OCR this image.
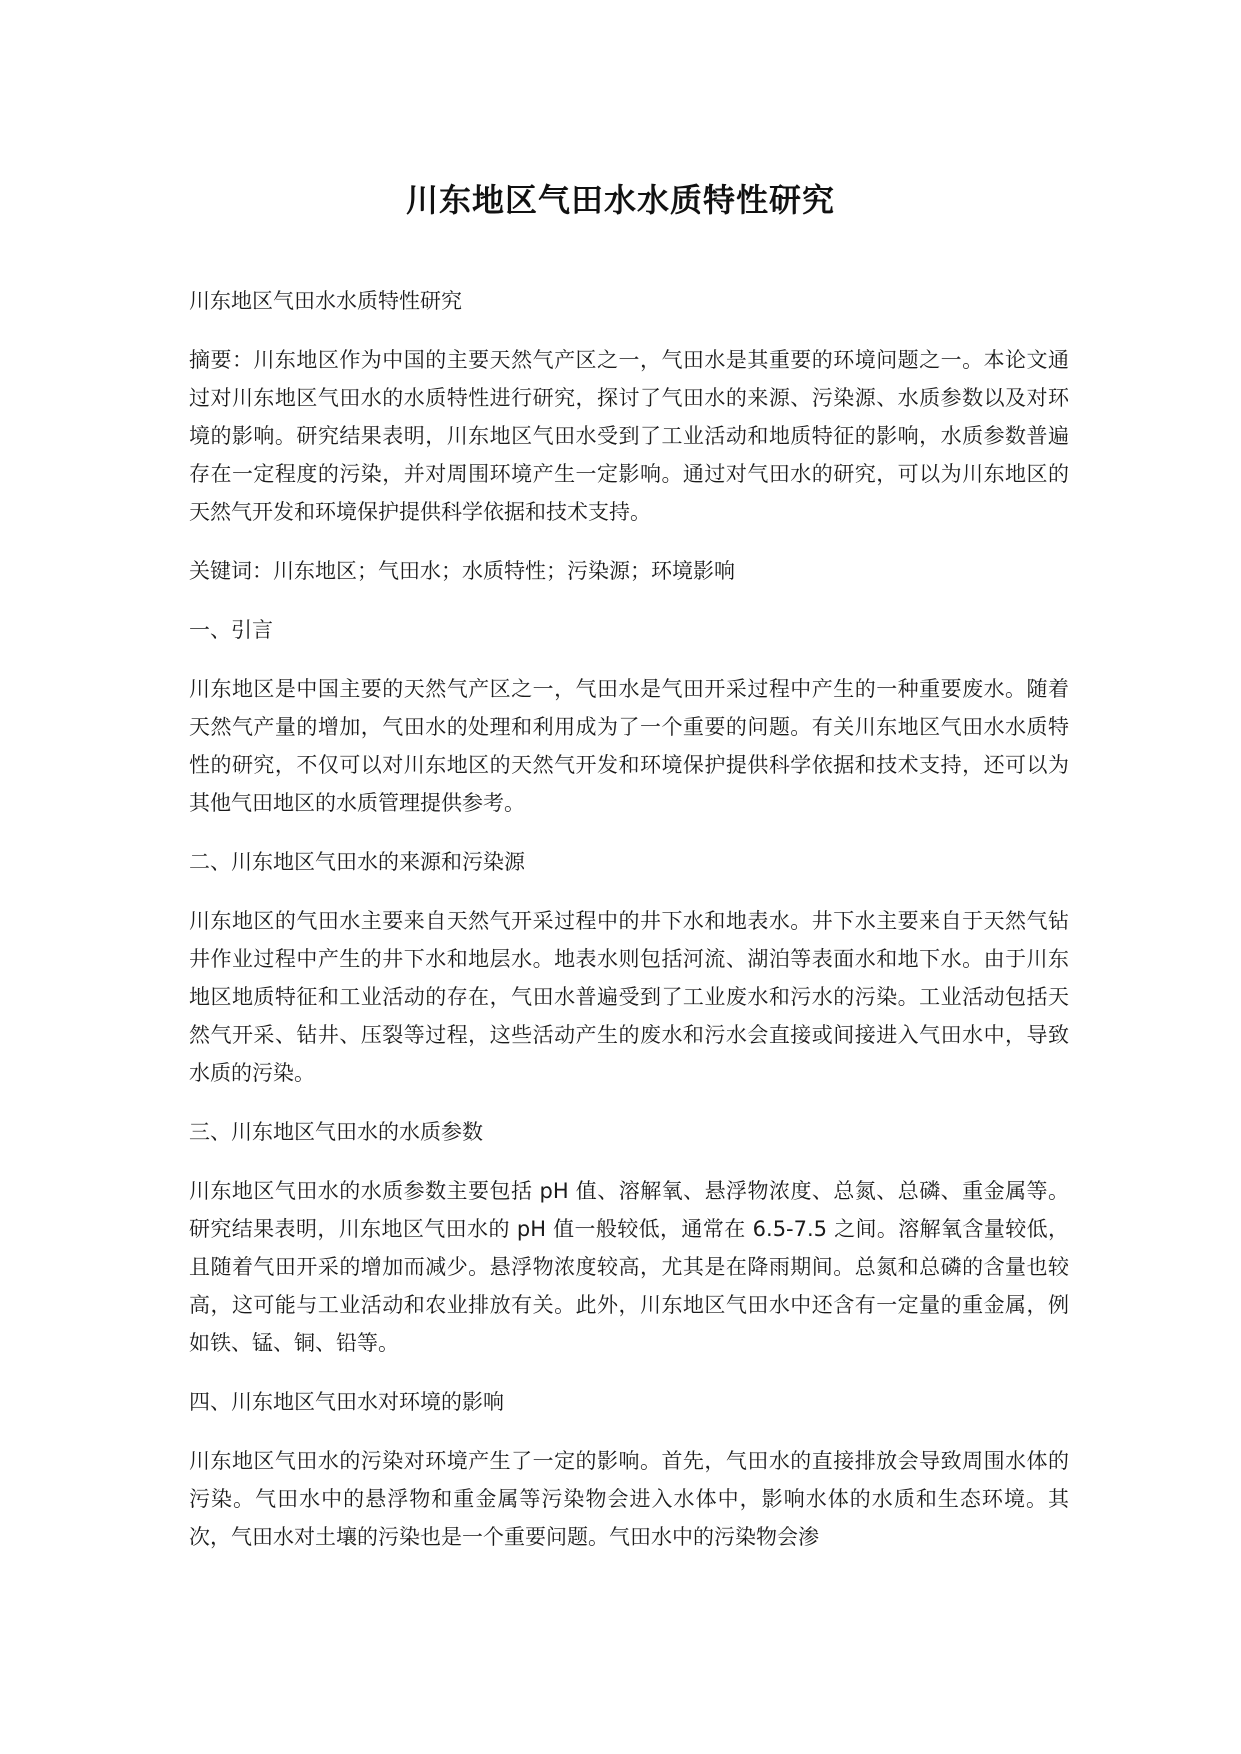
川东地区气田水水质特性研究

川东地区气田水水质特性研究

摘要：川东地区作为中国的主要天然气产区之一，气田水是其重要的环境问题之一。本论文通过对川东地区气田水的水质特性进行研究，探讨了气田水的来源、污染源、水质参数以及对环境的影响。研究结果表明，川东地区气田水受到了工业活动和地质特征的影响，水质参数普遍存在一定程度的污染，并对周围环境产生一定影响。通过对气田水的研究，可以为川东地区的天然气开发和环境保护提供科学依据和技术支持。

关键词：川东地区；气田水；水质特性；污染源；环境影响

一、引言

川东地区是中国主要的天然气产区之一，气田水是气田开采过程中产生的一种重要废水。随着天然气产量的增加，气田水的处理和利用成为了一个重要的问题。有关川东地区气田水水质特性的研究，不仅可以对川东地区的天然气开发和环境保护提供科学依据和技术支持，还可以为其他气田地区的水质管理提供参考。

二、川东地区气田水的来源和污染源

川东地区的气田水主要来自天然气开采过程中的井下水和地表水。井下水主要来自于天然气钻井作业过程中产生的井下水和地层水。地表水则包括河流、湖泊等表面水和地下水。由于川东地区地质特征和工业活动的存在，气田水普遍受到了工业废水和污水的污染。工业活动包括天然气开采、钻井、压裂等过程，这些活动产生的废水和污水会直接或间接进入气田水中，导致水质的污染。

三、川东地区气田水的水质参数

川东地区气田水的水质参数主要包括 pH 值、溶解氧、悬浮物浓度、总氮、总磷、重金属等。研究结果表明，川东地区气田水的 pH 值一般较低，通常在 6.5-7.5 之间。溶解氧含量较低，且随着气田开采的增加而减少。悬浮物浓度较高，尤其是在降雨期间。总氮和总磷的含量也较高，这可能与工业活动和农业排放有关。此外，川东地区气田水中还含有一定量的重金属，例如铁、锰、铜、铅等。

四、川东地区气田水对环境的影响

川东地区气田水的污染对环境产生了一定的影响。首先，气田水的直接排放会导致周围水体的污染。气田水中的悬浮物和重金属等污染物会进入水体中，影响水体的水质和生态环境。其次，气田水对土壤的污染也是一个重要问题。气田水中的污染物会渗
